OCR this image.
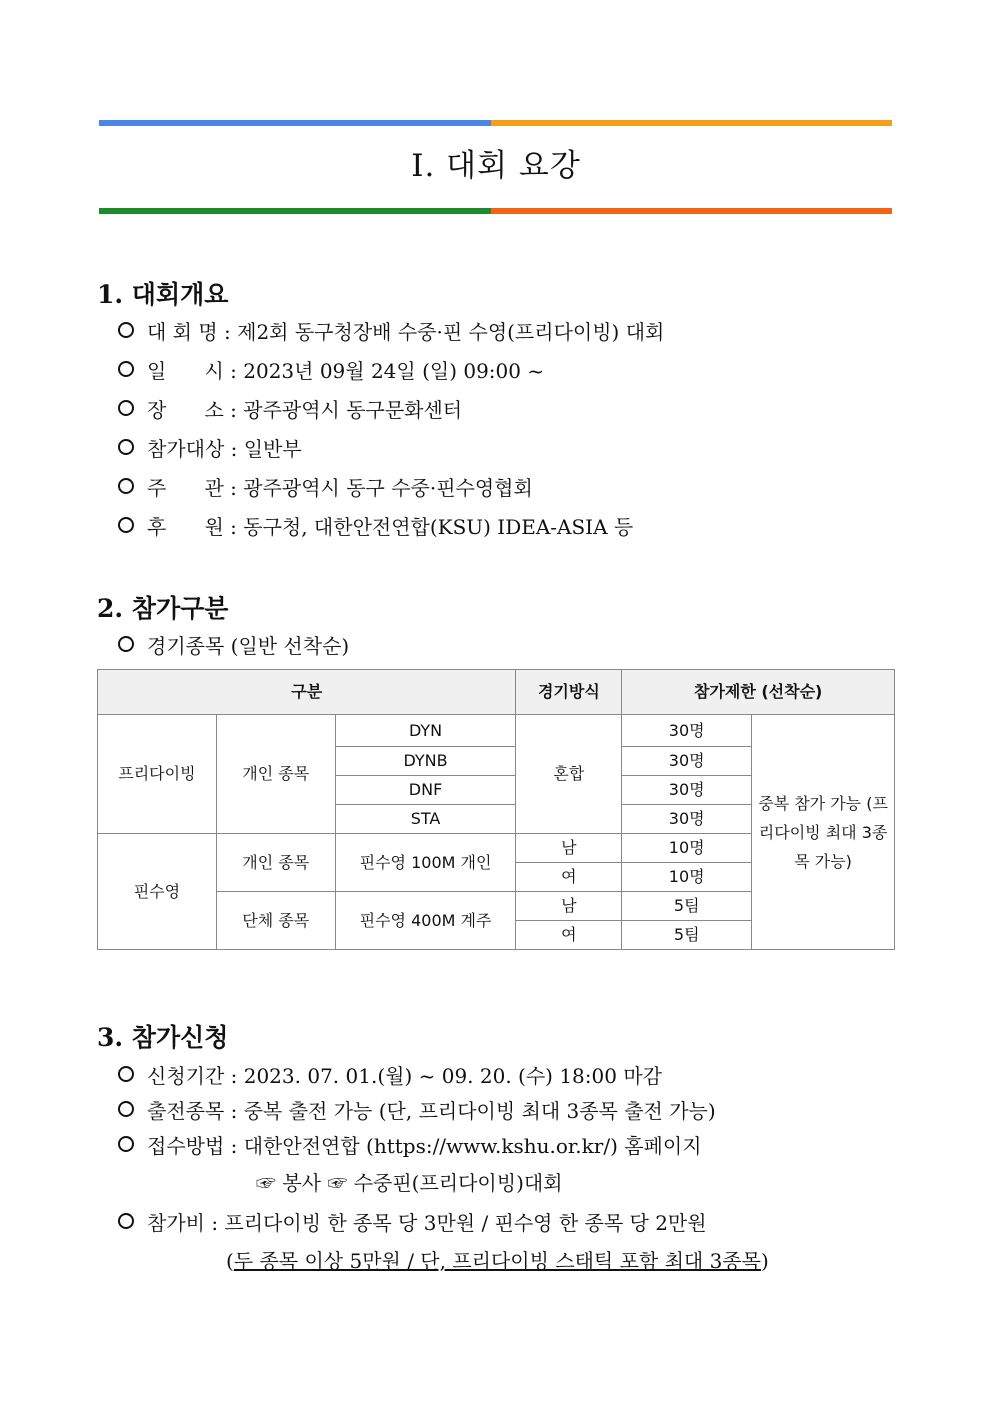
Ⅰ. 대회 요강
1. 대회개요
대 회 명 : 제2회 동구청장배 수중·핀 수영(프리다이빙) 대회
일      시 : 2023년 09월 24일 (일) 09:00 ~
장      소 : 광주광역시 동구문화센터
참가대상 : 일반부
주      관 : 광주광역시 동구 수중·핀수영협회
후      원 : 동구청, 대한안전연합(KSU) IDEA-ASIA 등
2. 참가구분
경기종목 (일반 선착순)
구분			경기방식	참가제한 (선착순)	
프리다이빙	개인 종목	DYN	혼합	30명	중복 참가 가능 (프리다이빙 최대 3종목 가능)
		DYNB		30명	
		DNF		30명	
		STA		30명	
핀수영	개인 종목	핀수영 100M 개인	남	10명	
			여	10명	
	단체 종목	핀수영 400M 계주	남	5팀	
			여	5팀	
3. 참가신청
신청기간 : 2023. 07. 01.(월) ~ 09. 20. (수) 18:00 마감
출전종목 : 중복 출전 가능 (단, 프리다이빙 최대 3종목 출전 가능)
접수방법 : 대한안전연합 (https://www.kshu.or.kr/) 홈페이지
☞ 봉사 ☞ 수중핀(프리다이빙)대회
참가비 : 프리다이빙 한 종목 당 3만원 / 핀수영 한 종목 당 2만원
(두 종목 이상 5만원 / 단, 프리다이빙 스태틱 포함 최대 3종목)
